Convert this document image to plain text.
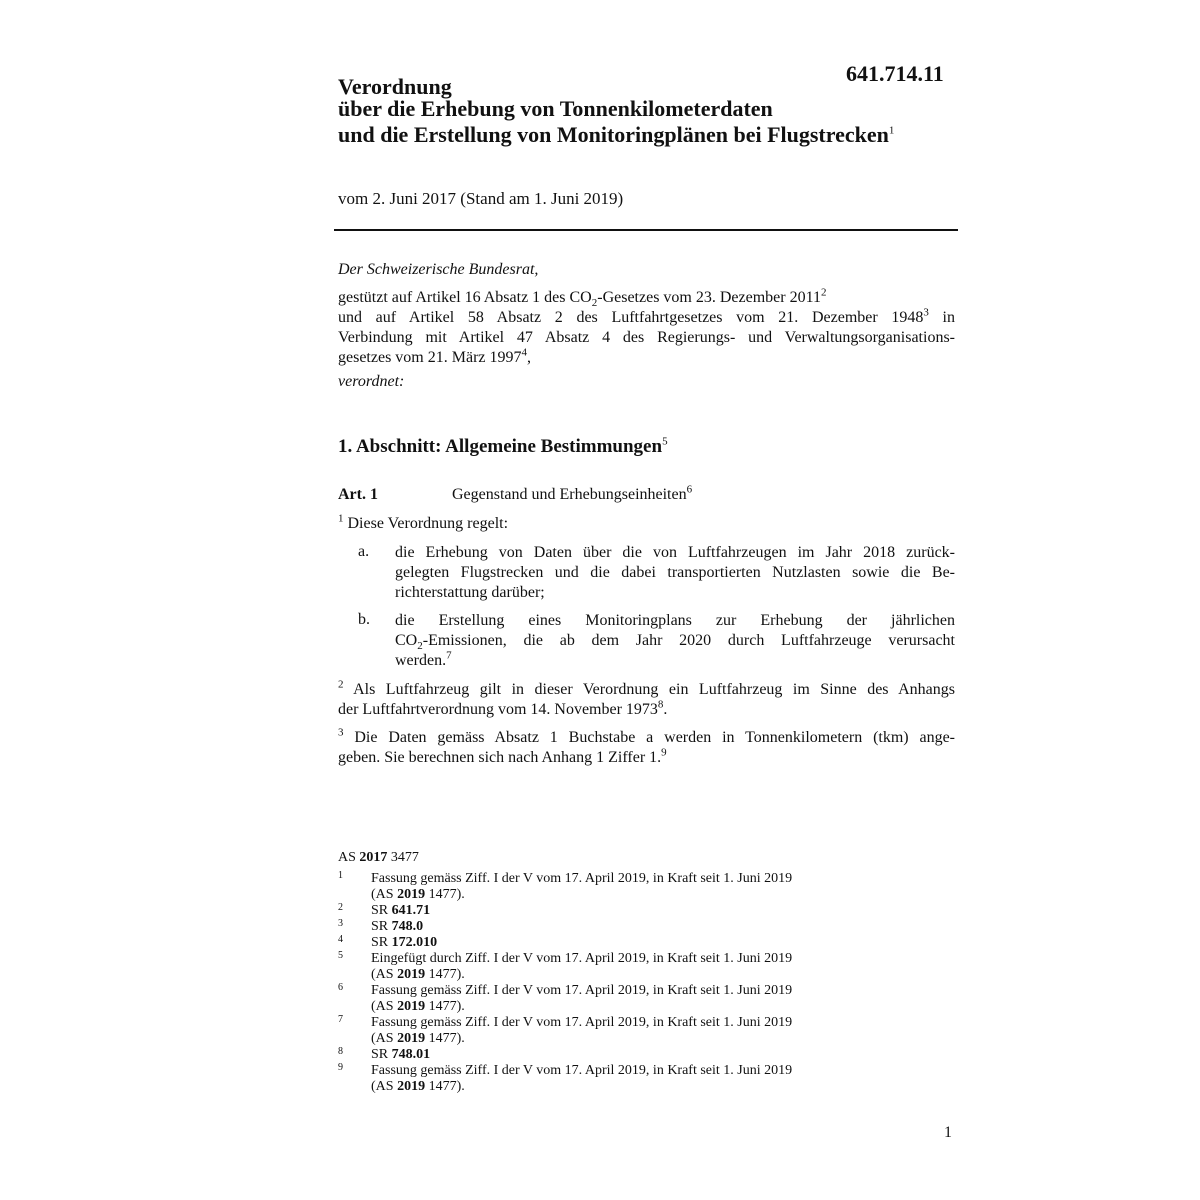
641.714.11
Verordnung
über die Erhebung von Tonnenkilometerdaten
und die Erstellung von Monitoringplänen bei Flugstrecken$^1$
vom 2. Juni 2017 (Stand am 1. Juni 2019)
Der Schweizerische Bundesrat,
gestützt auf Artikel 16 Absatz 1 des $CO_2$-Gesetzes vom 23. Dezember 2011$^2$
und auf Artikel 58 Absatz 2 des Luftfahrtgesetzes vom 21. Dezember 1948$^3$ in
Verbindung mit Artikel 47 Absatz 4 des Regierungs- und Verwaltungsorganisations-
gesetzes vom 21. März 1997$^4$,
verordnet:
1. Abschnitt: Allgemeine Bestimmungen$^5$
Art. 1	Gegenstand und Erhebungseinheiten$^6$
$^1$ Diese Verordnung regelt:
a. die Erhebung von Daten über die von Luftfahrzeugen im Jahr 2018 zurück-
gelegten Flugstrecken und die dabei transportierten Nutzlasten sowie die Be-
richterstattung darüber;
b. die Erstellung eines Monitoringplans zur Erhebung der jährlichen
$CO_2$-Emissionen, die ab dem Jahr 2020 durch Luftfahrzeuge verursacht
werden.$^7$
$^2$ Als Luftfahrzeug gilt in dieser Verordnung ein Luftfahrzeug im Sinne des Anhangs
der Luftfahrtverordnung vom 14. November 1973$^8$.
$^3$ Die Daten gemäss Absatz 1 Buchstabe a werden in Tonnenkilometern (tkm) ange-
geben. Sie berechnen sich nach Anhang 1 Ziffer 1.$^9$
AS 2017 3477
1 Fassung gemäss Ziff. I der V vom 17. April 2019, in Kraft seit 1. Juni 2019
(AS 2019 1477).
2 SR 641.71
3 SR 748.0
4 SR 172.010
5 Eingefügt durch Ziff. I der V vom 17. April 2019, in Kraft seit 1. Juni 2019
(AS 2019 1477).
6 Fassung gemäss Ziff. I der V vom 17. April 2019, in Kraft seit 1. Juni 2019
(AS 2019 1477).
7 Fassung gemäss Ziff. I der V vom 17. April 2019, in Kraft seit 1. Juni 2019
(AS 2019 1477).
8 SR 748.01
9 Fassung gemäss Ziff. I der V vom 17. April 2019, in Kraft seit 1. Juni 2019
(AS 2019 1477).
1
